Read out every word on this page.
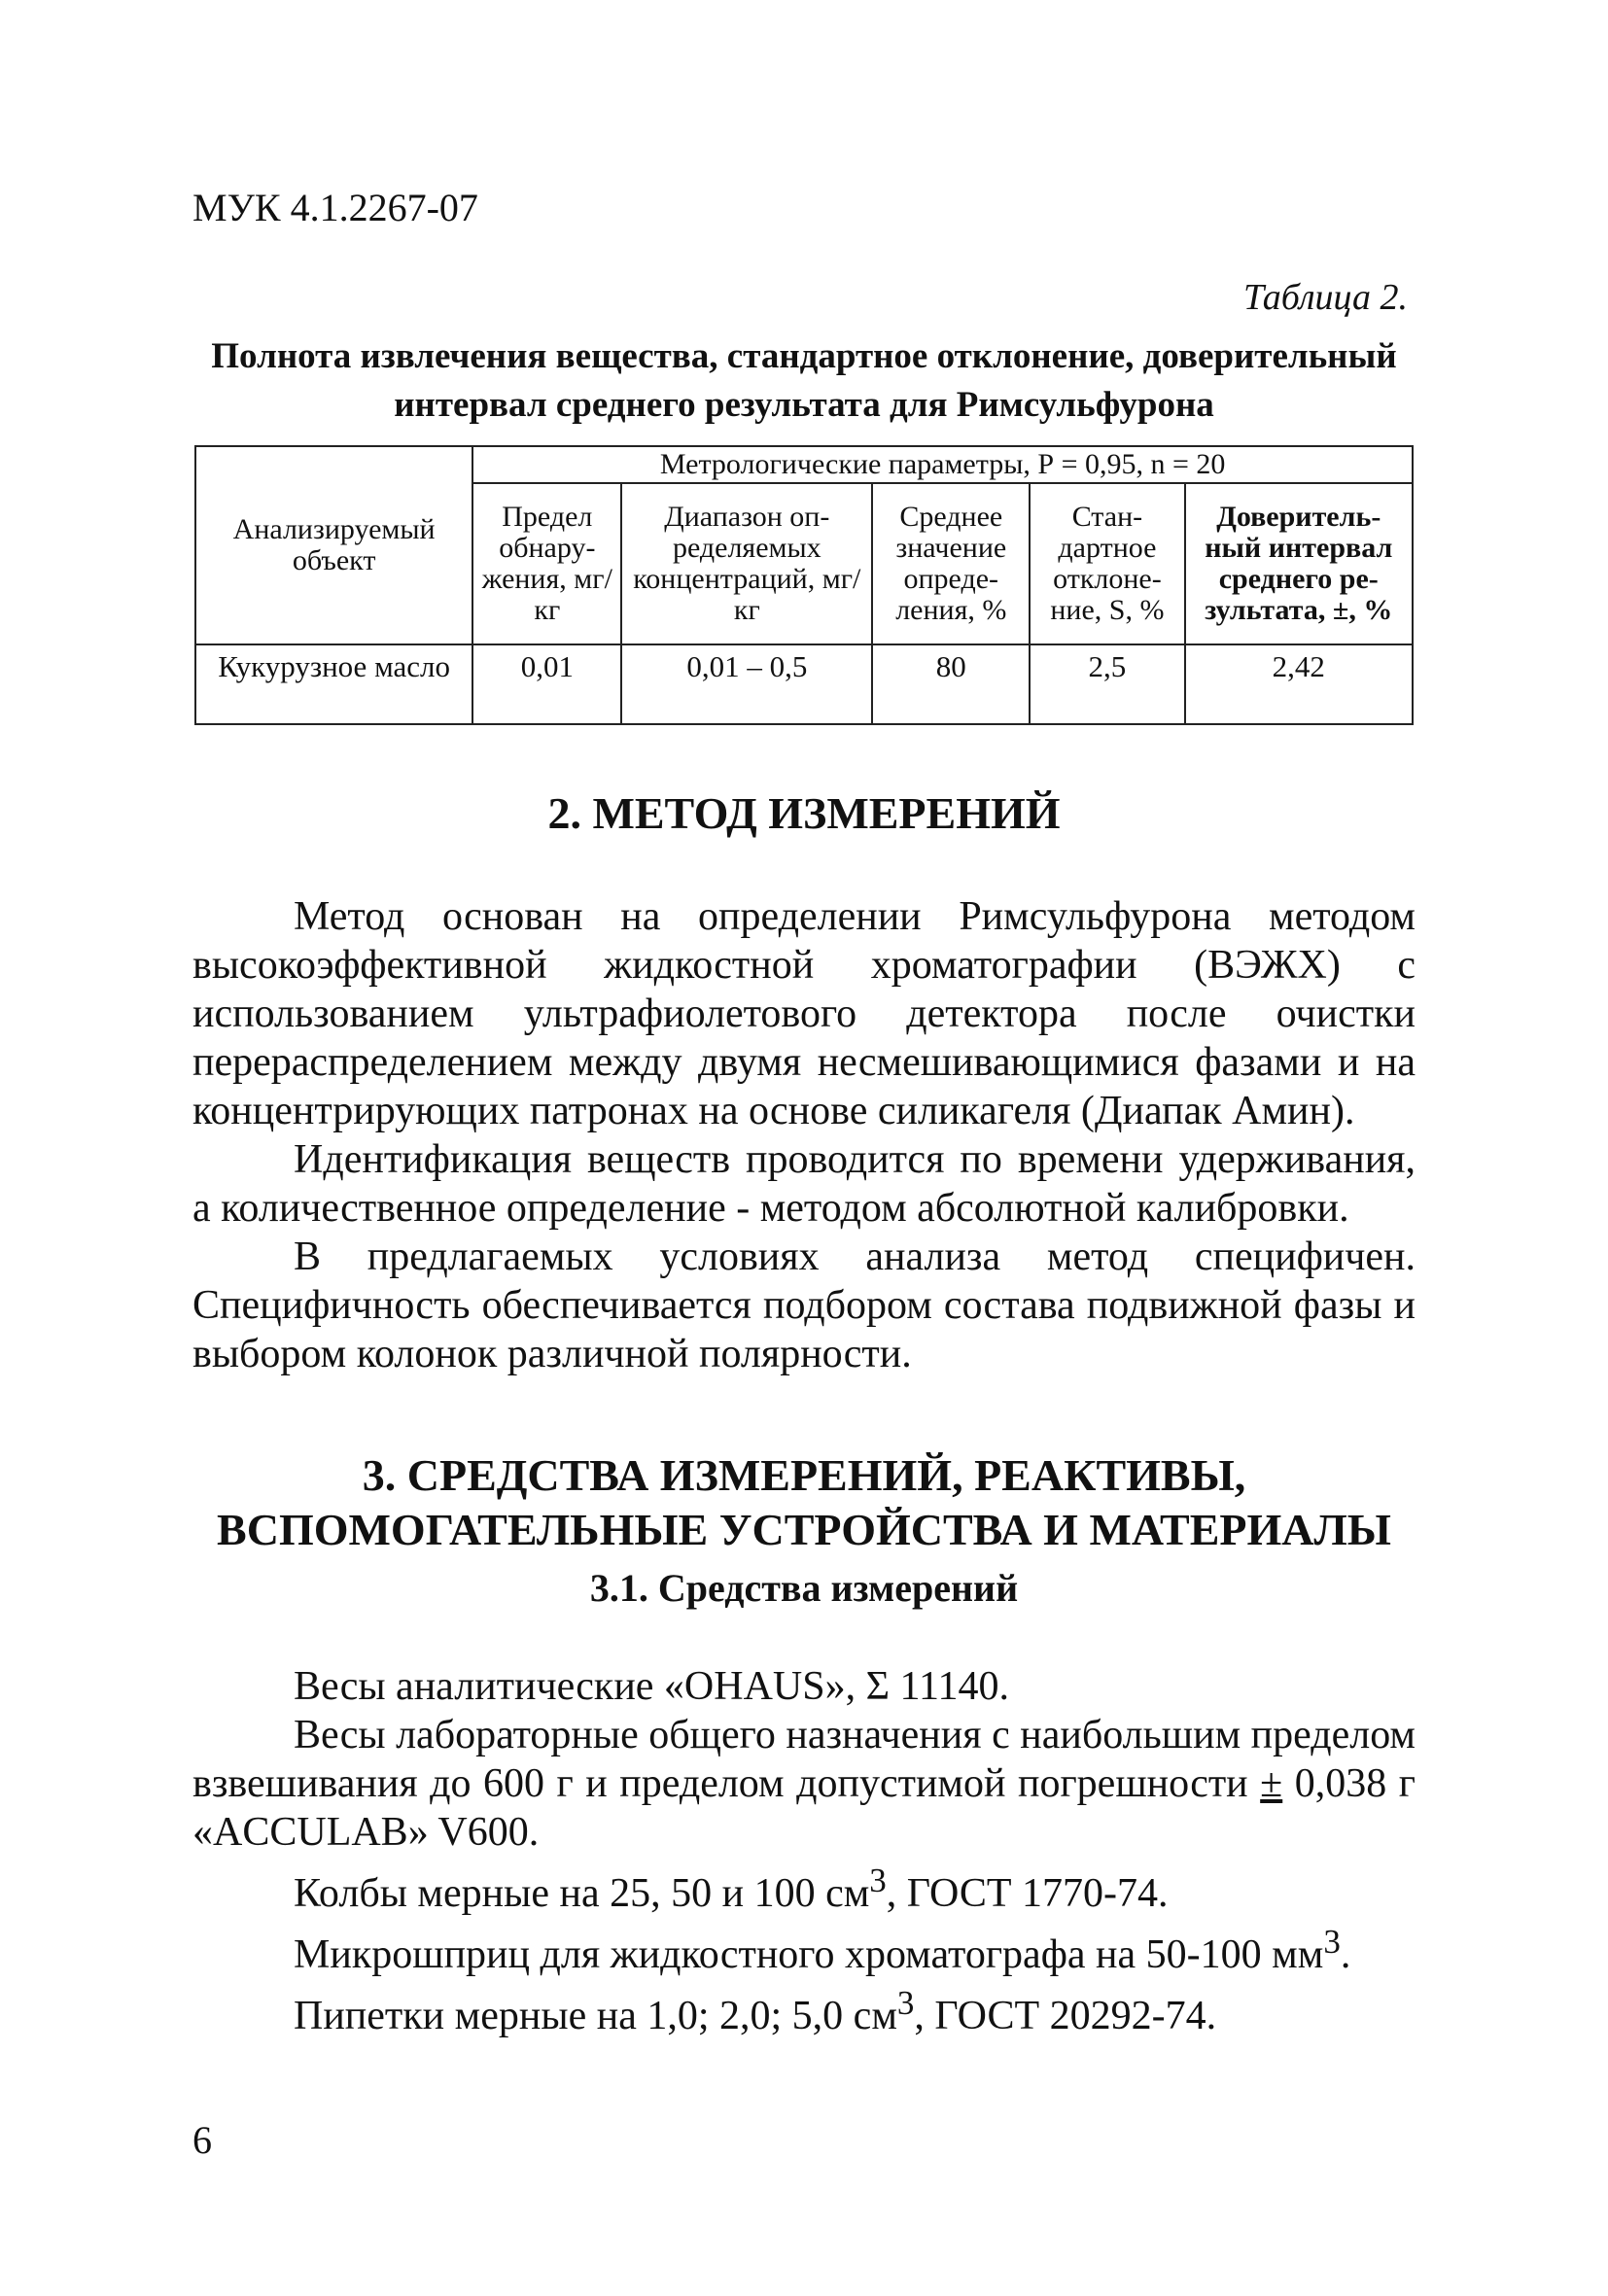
МУК 4.1.2267-07
Таблица 2.
Полнота извлечения вещества, стандартное отклонение, доверительный интервал среднего результата для Римсульфурона
Анализируемый объект	Метрологические параметры, Р = 0,95, n = 20				
	Предел обнару-жения, мг/кг	Диапазон оп-ределяемых концентраций, мг/кг	Среднее значение опреде-ления, %	Стан-дартное отклоне-ние, S, %	Доверитель-ный интервал среднего ре-зультата, ±, %
Кукурузное масло	0,01	0,01 – 0,5	80	2,5	2,42
2. МЕТОД ИЗМЕРЕНИЙ

Метод основан на определении Римсульфурона методом высокоэффективной жидкостной хроматографии (ВЭЖХ) с использованием ультрафиолетового детектора после очистки перераспределением между двумя несмешивающимися фазами и на концентрирующих патронах на основе силикагеля (Диапак Амин).

Идентификация веществ проводится по времени удерживания, а количественное определение - методом абсолютной калибровки.

В предлагаемых условиях анализа метод специфичен. Специфичность обеспечивается подбором состава подвижной фазы и выбором колонок различной полярности.

3. СРЕДСТВА ИЗМЕРЕНИЙ, РЕАКТИВЫ,
ВСПОМОГАТЕЛЬНЫЕ УСТРОЙСТВА И МАТЕРИАЛЫ
3.1. Средства измерений

Весы аналитические «OHAUS», Σ 11140.

Весы лабораторные общего назначения с наибольшим пределом взвешивания до 600 г и пределом допустимой погрешности ± 0,038 г «ACCULAB» V600.

Колбы мерные на 25, 50 и 100 $см^3$, ГОСТ 1770-74.

Микрошприц для жидкостного хроматографа на 50-100 $мм^3$.

Пипетки мерные на 1,0; 2,0; 5,0 $см^3$, ГОСТ 20292-74.

6
